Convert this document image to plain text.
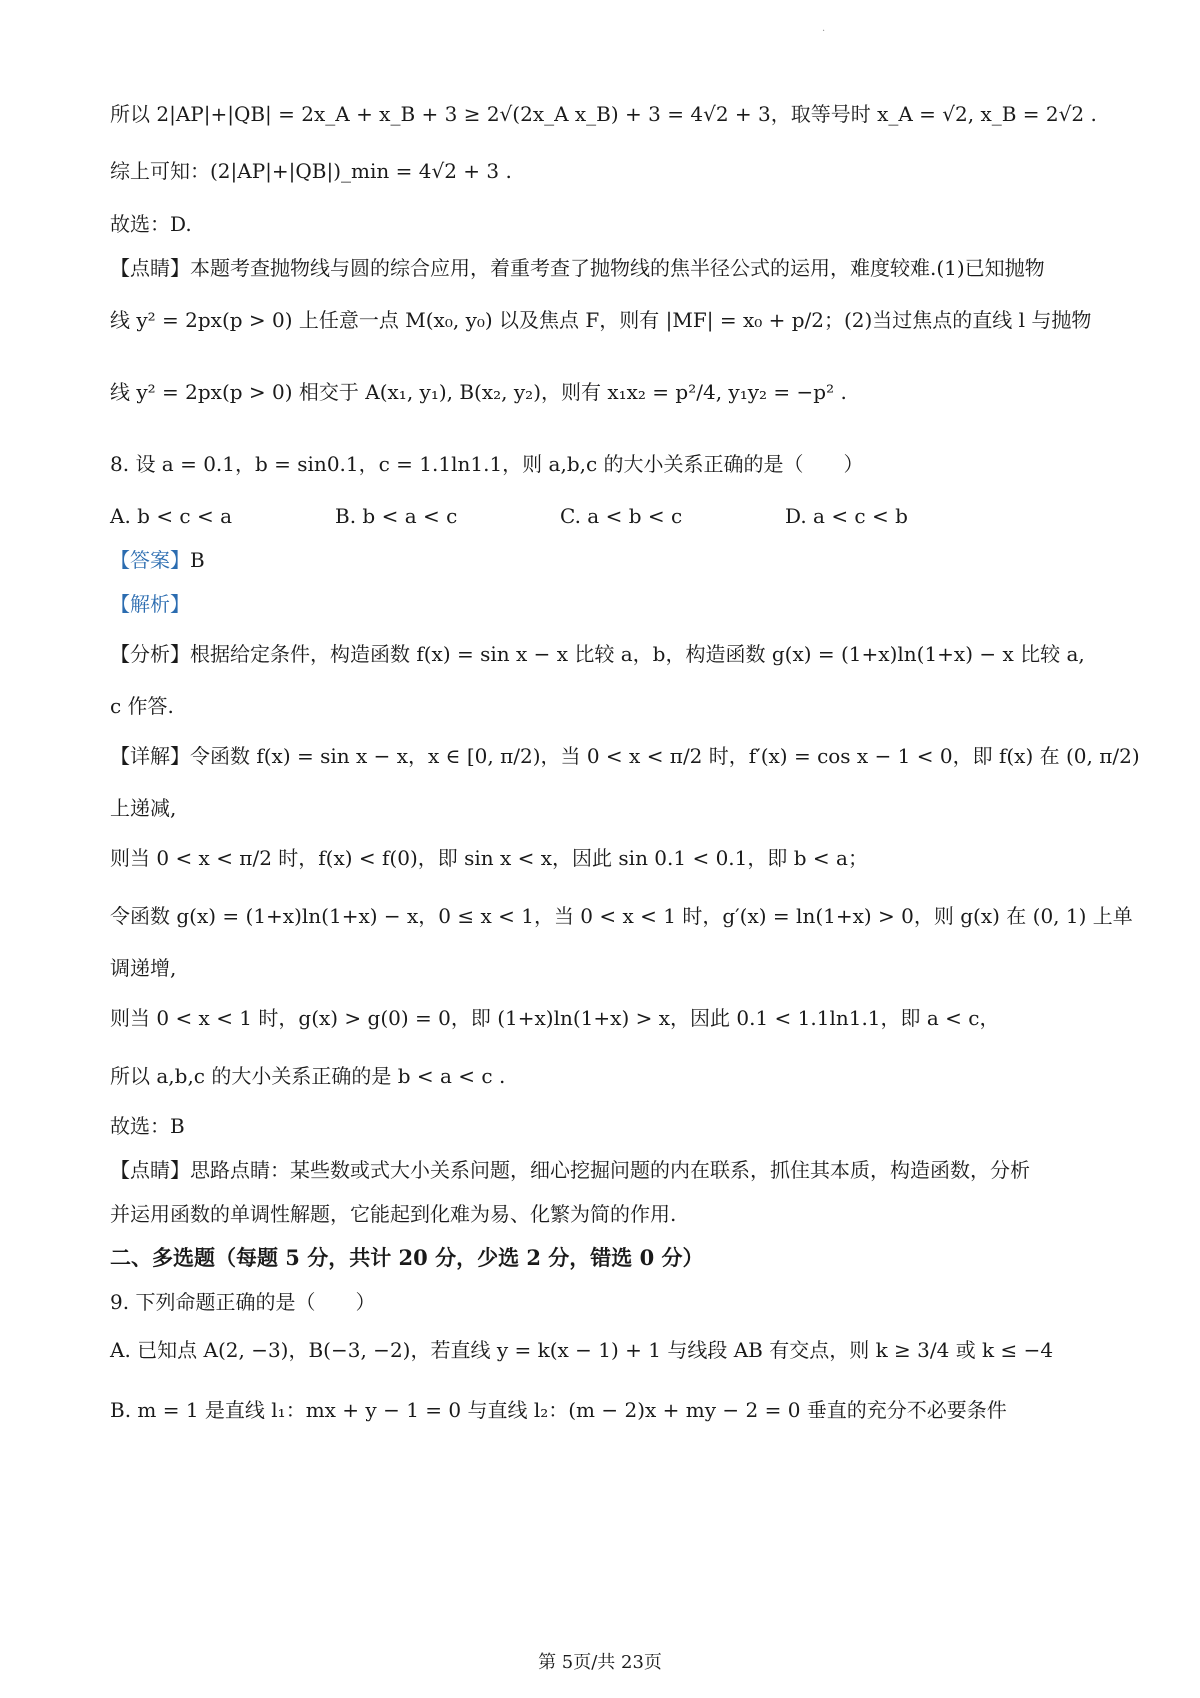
·
所以 2|AP|+|QB| = 2x_A + x_B + 3 ≥ 2√(2x_A x_B) + 3 = 4√2 + 3，取等号时 x_A = √2, x_B = 2√2 .
综上可知：(2|AP|+|QB|)_min = 4√2 + 3 .
故选：D.
【点睛】本题考查抛物线与圆的综合应用，着重考查了抛物线的焦半径公式的运用，难度较难.(1)已知抛物
线 y² = 2px(p > 0) 上任意一点 M(x₀, y₀) 以及焦点 F，则有 |MF| = x₀ + p/2；(2)当过焦点的直线 l 与抛物
线 y² = 2px(p > 0) 相交于 A(x₁, y₁), B(x₂, y₂)，则有 x₁x₂ = p²/4, y₁y₂ = −p² .
8. 设 a = 0.1，b = sin0.1，c = 1.1ln1.1，则 a,b,c 的大小关系正确的是（　　）
A. b < c < a	B. b < a < c	C. a < b < c	D. a < c < b
【答案】B
【解析】
【分析】根据给定条件，构造函数 f(x) = sin x − x 比较 a，b，构造函数 g(x) = (1+x)ln(1+x) − x 比较 a,
c 作答.
【详解】令函数 f(x) = sin x − x，x ∈ [0, π/2)，当 0 < x < π/2 时，f′(x) = cos x − 1 < 0，即 f(x) 在 (0, π/2)
上递减,
则当 0 < x < π/2 时，f(x) < f(0)，即 sin x < x，因此 sin 0.1 < 0.1，即 b < a；
令函数 g(x) = (1+x)ln(1+x) − x，0 ≤ x < 1，当 0 < x < 1 时，g′(x) = ln(1+x) > 0，则 g(x) 在 (0, 1) 上单
调递增,
则当 0 < x < 1 时，g(x) > g(0) = 0，即 (1+x)ln(1+x) > x，因此 0.1 < 1.1ln1.1，即 a < c，
所以 a,b,c 的大小关系正确的是 b < a < c .
故选：B
【点睛】思路点睛：某些数或式大小关系问题，细心挖掘问题的内在联系，抓住其本质，构造函数，分析
并运用函数的单调性解题，它能起到化难为易、化繁为简的作用.
二、多选题（每题 5 分，共计 20 分，少选 2 分，错选 0 分）
9. 下列命题正确的是（　　）
A. 已知点 A(2, −3)，B(−3, −2)，若直线 y = k(x − 1) + 1 与线段 AB 有交点，则 k ≥ 3/4 或 k ≤ −4
B. m = 1 是直线 l₁：mx + y − 1 = 0 与直线 l₂：(m − 2)x + my − 2 = 0 垂直的充分不必要条件
第 5页/共 23页
